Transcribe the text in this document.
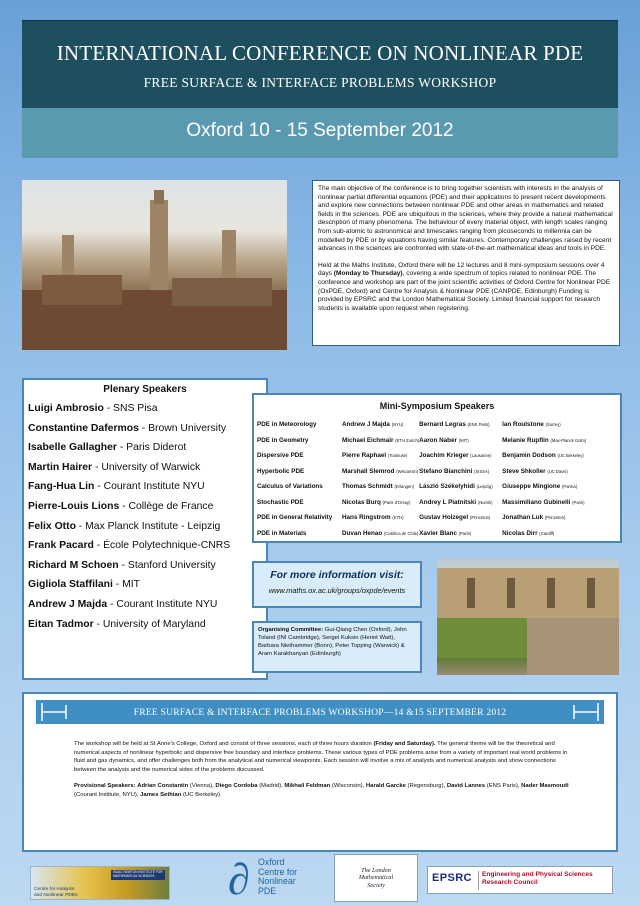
INTERNATIONAL CONFERENCE ON NONLINEAR PDE
FREE SURFACE & INTERFACE PROBLEMS WORKSHOP
Oxford 10 - 15 September 2012

The main objective of the conference is to bring together scientists with interests in the analysis of nonlinear partial differential equations (PDE) and their applications to present recent developments and explore new connections between nonlinear PDE and other areas in mathematics and related fields in the sciences. PDE are ubiquitous in the sciences, where they provide a natural mathematical description of many phenomena. The behaviour of every material object, with length scales ranging from sub-atomic to astronomical and timescales ranging from picoseconds to millennia can be modelled by PDE or by equations having similar features. Contemporary challenges raised by recent advances in the sciences are confronted with state-of-the-art mathematical ideas and tools in PDE.

Held at the Maths Institute, Oxford there will be 12 lectures and 8 mini-symposium sessions over 4 days (Monday to Thursday), covering a wide spectrum of topics related to nonlinear PDE. The conference and workshop are part of the joint scientific activities of Oxford Centre for Nonlinear PDE (OxPDE, Oxford) and Centre for Analysis & Nonlinear PDE (CANPDE, Edinburgh) Funding is provided by EPSRC and the London Mathematical Society. Limited financial support for research students is available upon request when registering.

Plenary Speakers
Luigi Ambrosio - SNS Pisa
Constantine Dafermos - Brown University
Isabelle Gallagher - Paris Diderot
Martin Hairer - University of Warwick
Fang-Hua Lin - Courant Institute NYU
Pierre-Louis Lions - Collège de France
Felix Otto - Max Planck Institute - Leipzig
Frank Pacard - École Polytechnique-CNRS
Richard M Schoen - Stanford University
Gigliola Staffilani - MIT
Andrew J Majda - Courant Institute NYU
Eitan Tadmor - University of Maryland
Mini-Symposium Speakers
PDE in Meteorology	Andrew J Majda (NYU)	Bernard Legras (ENS Paris)	Ian Roulstone (Surrey)
PDE in Geometry	Michael Eichmair (ETH Zurich)	Aaron Naber (MIT)	Melanie Rupflin (Max-Planck Golm)
Dispersive PDE	Pierre Raphael (Toulouse)	Joachim Krieger (Lausanne)	Benjamin Dodson (UC Berkeley)
Hyperbolic PDE	Marshall Slemrod (Wisconsin)	Stefano Bianchini (SISSA)	Steve Shkoller (UC Davis)
Calculus of Variations	Thomas Schmidt (Erlangen)	László Székelyhidi (Leipzig)	Giuseppe Mingione (Parma)
Stochastic PDE	Nicolas Burq (Paris d'Orsay)	Andrey L Piatnitski (Narvik)	Massimiliano Gubinelli (Paris)
PDE in General Relativity	Hans Ringstrom (KTH)	Gustav Holzegel (Princeton)	Jonathan Luk (Princeton)
PDE in Materials	Duvan Henao (Católica de Chile)	Xavier Blanc (Paris)	Nicolas Dirr (Cardiff)
For more information visit:
www.maths.ox.ac.uk/groups/oxpde/events
Organising Committee: Gui-Qiang Chen (Oxford), John Toland (INI Cambridge), Sergei Kuksin (Heriot Watt), Barbara Niethammer (Bonn), Peter Topping (Warwick) & Aram Karakhanyan (Edinburgh)
FREE SURFACE & INTERFACE PROBLEMS WORKSHOP—14 &15 SEPTEMBER 2012

The workshop will be held at St Anne's College, Oxford and consist of three sessions, each of three hours duration (Friday and Saturday). The general theme will be the theoretical and numerical aspects of nonlinear hyperbolic and dispersive free boundary and interface problems. These various types of PDE problems arise from a variety of important real world problems in fluid and gas dynamics, and offer challenges both from the analytical and numerical viewpoints. Each session will involve a mix of analysts and numerical analysts and show connections between the analysis and the numerical sides of the problems discussed.

Provisional Speakers: Adrian Constantin (Vienna), Diego Cordoba (Madrid), Mikhail Feldman (Wisconsin), Harald Garcke (Regensburg), David Lannes (ENS Paris), Nader Masmoudi (Courant Institute, NYU), James Sethian (UC Berkeley)

ISAAC NEWTON INSTITUTE FOR MATHEMATICAL SCIENCES
Centre for Analysis
and Nonlinear PDEs	∂ Oxford
Centre for
Nonlinear
PDE
The London
Mathematical
Society
EPSRC Engineering and Physical Sciences
Research Council
